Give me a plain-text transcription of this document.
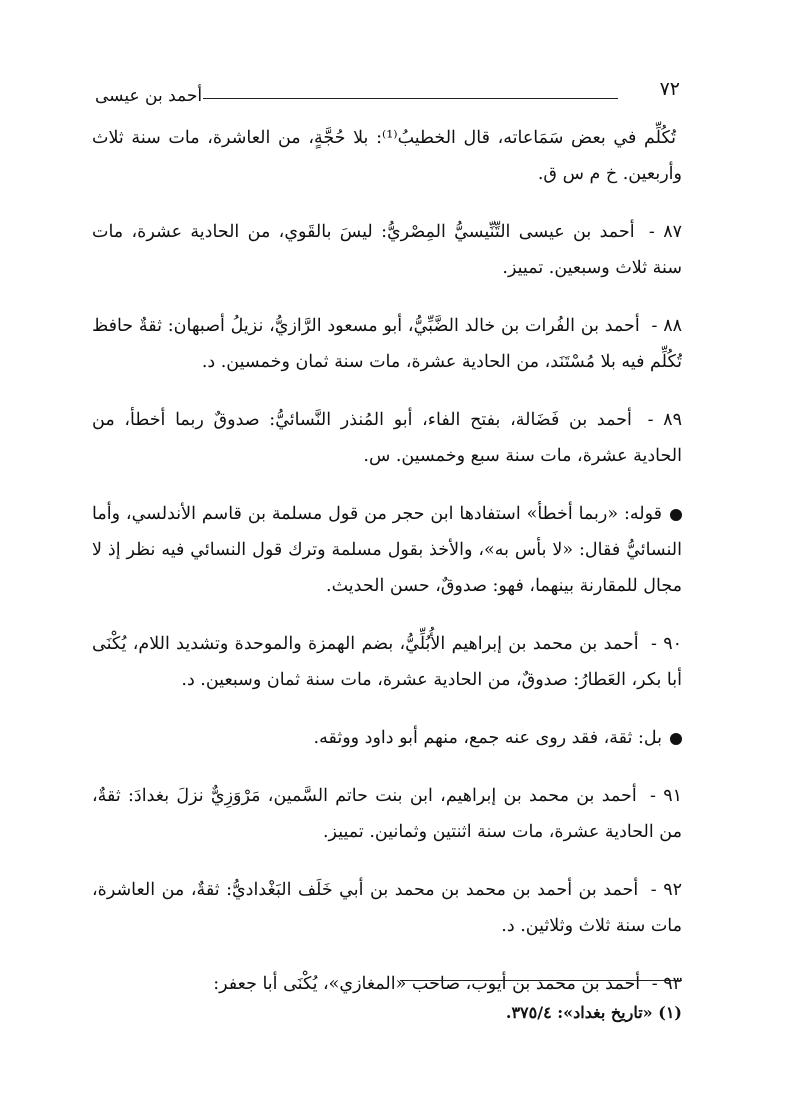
٧٢
أحمد بن عيسى

تُكُلِّم في بعض سَمَاعاته، قال الخطيبُ⁽¹⁾: بلا حُجَّةٍ، من العاشرة، مات سنة ثلاث وأربعين. خ م س ق.

٨٧ - أحمد بن عيسى التِّنِّيسيُّ المِصْريُّ: ليسَ بالقَوي، من الحادية عشرة، مات سنة ثلاث وسبعين. تمييز.

٨٨ - أحمد بن الفُرات بن خالد الضَّبِّيُّ، أبو مسعود الرَّازيُّ، نزيلُ أصبهان: ثقةٌ حافظ تُكُلِّم فيه بلا مُسْتَنَد، من الحادية عشرة، مات سنة ثمان وخمسين. د.

٨٩ - أحمد بن فَضَالة، بفتح الفاء، أبو المُنذر النَّسائيُّ: صدوقٌ ربما أخطأ، من الحادية عشرة، مات سنة سبع وخمسين. س.

قوله: «ربما أخطأ» استفادها ابن حجر من قول مسلمة بن قاسم الأندلسي، وأما النسائيُّ فقال: «لا بأس به»، والأخذ بقول مسلمة وترك قول النسائي فيه نظر إذ لا مجال للمقارنة بينهما، فهو: صدوقٌ، حسن الحديث.

٩٠ - أحمد بن محمد بن إبراهيم الأُبُلِّيُّ، بضم الهمزة والموحدة وتشديد اللام، يُكْنَى أبا بكر، العَطارُ: صدوقٌ، من الحادية عشرة، مات سنة ثمان وسبعين. د.

بل: ثقة، فقد روى عنه جمع، منهم أبو داود ووثقه.

٩١ - أحمد بن محمد بن إبراهيم، ابن بنت حاتم السَّمين، مَرْوَزِيٌّ نزلَ بغدادَ: ثقةٌ، من الحادية عشرة، مات سنة اثنتين وثمانين. تمييز.

٩٢ - أحمد بن أحمد بن محمد بن محمد بن أبي خَلَف البَغْداديُّ: ثقةٌ، من العاشرة، مات سنة ثلاث وثلاثين. د.

٩٣ - أحمد بن محمد بن أيوب، صاحب «المغازي»، يُكْنَى أبا جعفر:

(١) «تاريخ بغداد»: ٣٧٥/٤.
